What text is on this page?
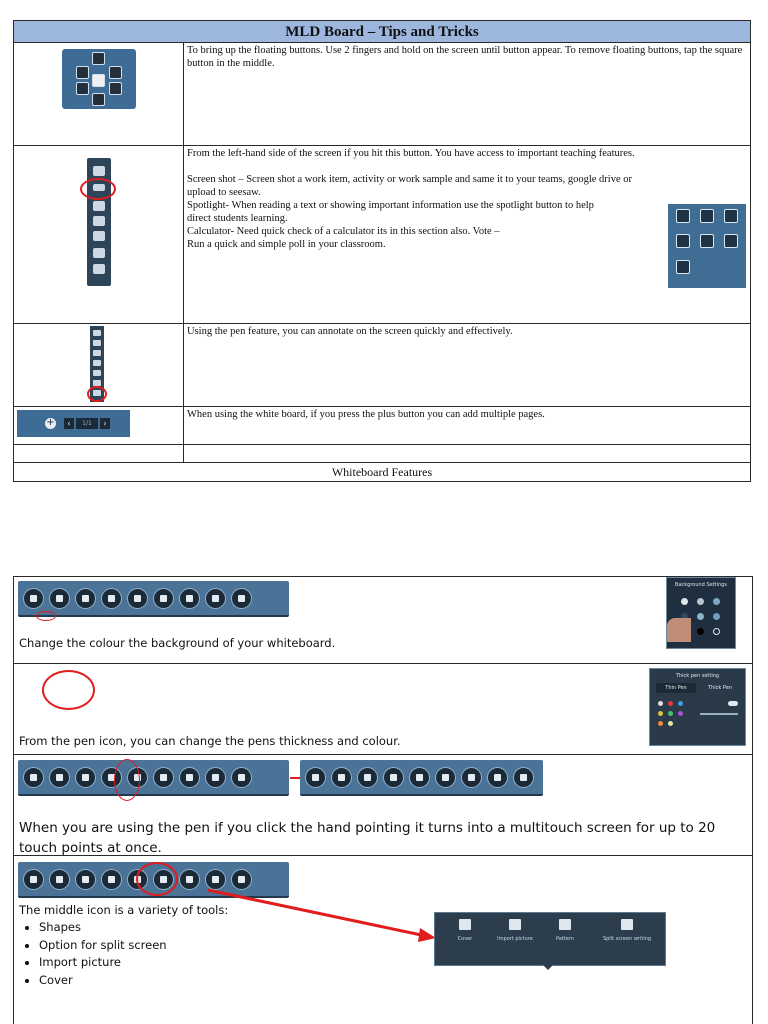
MLD Board – Tips and Tricks

To bring up the floating buttons. Use 2 fingers and hold on the screen until button appear. To remove floating buttons, tap the square button in the middle.

From the left-hand side of the screen if you hit this button. You have access to important teaching features.

Screen shot – Screen shot a work item, activity or work sample and same it to your teams, google drive or upload to seesaw.

Spotlight- When reading a text or showing important information use the spotlight button to help direct students learning.

Calculator- Need quick check of a calculator its in this section also. Vote –

Run a quick and simple poll in your classroom.

Using the pen feature, you can annotate on the screen quickly and effectively.

+	‹	1/1	›

When using the white board, if you press the plus button you can add multiple pages.

Whiteboard Features
Change the colour the background of your whiteboard.
Background Settings
From the pen icon, you can change the pens thickness and colour.
Thick pen setting
Thin Pen	Thick Pen
When you are using the pen if you click the hand pointing it turns into a multitouch screen for up to 20 touch points at once.
The middle icon is a variety of tools:
• Shapes
• Option for split screen
• Import picture
• Cover
Cover	Import picture	Pattern	Split screen writing
